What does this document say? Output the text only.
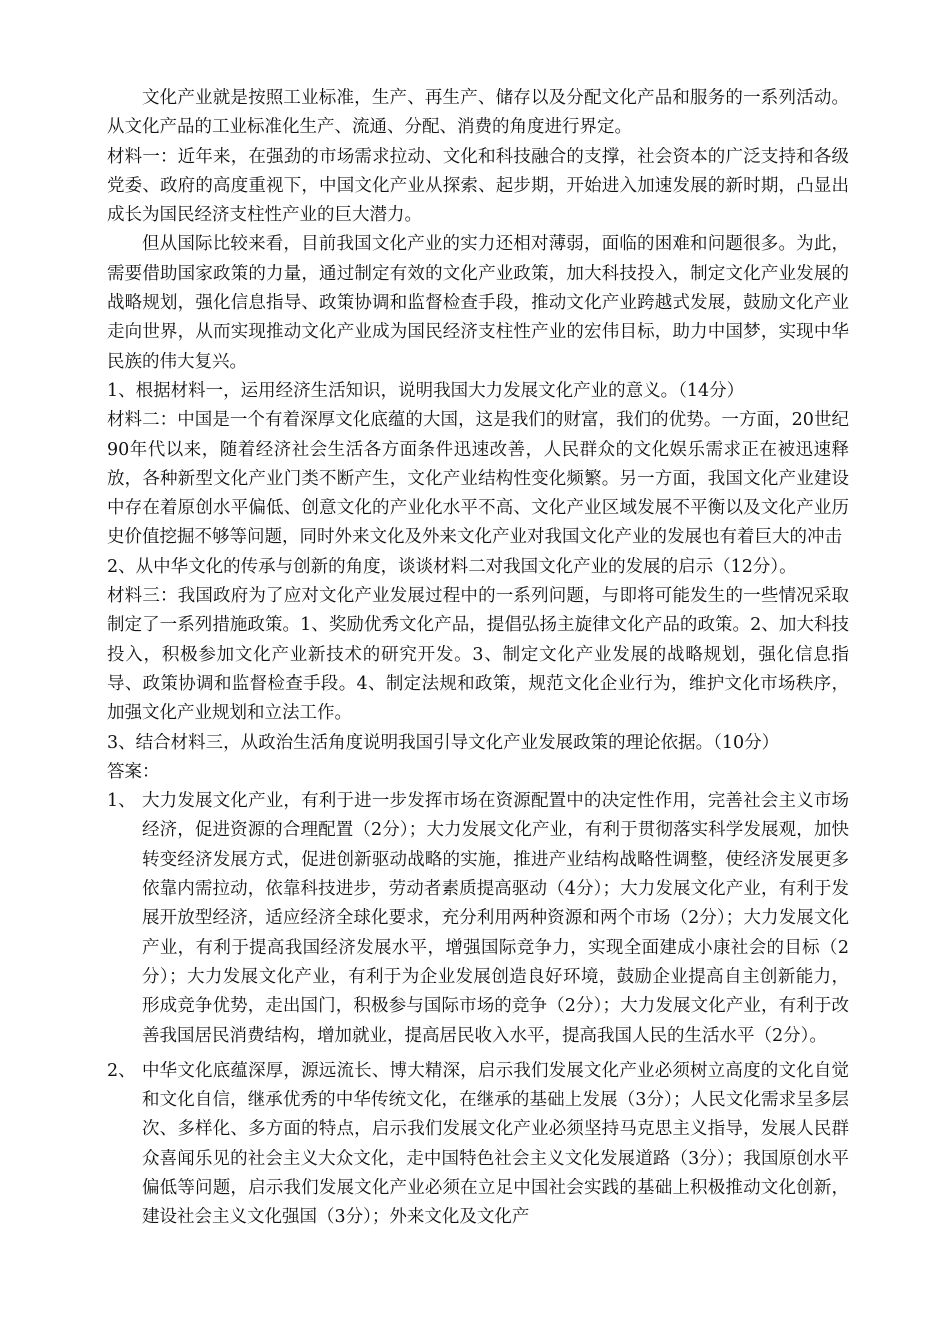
文化产业就是按照工业标准，生产、再生产、储存以及分配文化产品和服务的一系列活动。从文化产品的工业标准化生产、流通、分配、消费的角度进行界定。

材料一：近年来，在强劲的市场需求拉动、文化和科技融合的支撑，社会资本的广泛支持和各级党委、政府的高度重视下，中国文化产业从探索、起步期，开始进入加速发展的新时期，凸显出成长为国民经济支柱性产业的巨大潜力。

但从国际比较来看，目前我国文化产业的实力还相对薄弱，面临的困难和问题很多。为此，需要借助国家政策的力量，通过制定有效的文化产业政策，加大科技投入，制定文化产业发展的战略规划，强化信息指导、政策协调和监督检查手段，推动文化产业跨越式发展，鼓励文化产业走向世界，从而实现推动文化产业成为国民经济支柱性产业的宏伟目标，助力中国梦，实现中华民族的伟大复兴。

1、根据材料一，运用经济生活知识，说明我国大力发展文化产业的意义。（14分）

材料二：中国是一个有着深厚文化底蕴的大国，这是我们的财富，我们的优势。一方面，20世纪90年代以来，随着经济社会生活各方面条件迅速改善，人民群众的文化娱乐需求正在被迅速释放，各种新型文化产业门类不断产生，文化产业结构性变化频繁。另一方面，我国文化产业建设中存在着原创水平偏低、创意文化的产业化水平不高、文化产业区域发展不平衡以及文化产业历史价值挖掘不够等问题，同时外来文化及外来文化产业对我国文化产业的发展也有着巨大的冲击

2、从中华文化的传承与创新的角度，谈谈材料二对我国文化产业的发展的启示（12分）。

材料三：我国政府为了应对文化产业发展过程中的一系列问题，与即将可能发生的一些情况采取制定了一系列措施政策。1、奖励优秀文化产品，提倡弘扬主旋律文化产品的政策。2、加大科技投入，积极参加文化产业新技术的研究开发。3、制定文化产业发展的战略规划，强化信息指导、政策协调和监督检查手段。4、制定法规和政策，规范文化企业行为，维护文化市场秩序，加强文化产业规划和立法工作。

3、结合材料三，从政治生活角度说明我国引导文化产业发展政策的理论依据。（10分）

答案：

1、 大力发展文化产业，有利于进一步发挥市场在资源配置中的决定性作用，完善社会主义市场经济，促进资源的合理配置（2分）；大力发展文化产业，有利于贯彻落实科学发展观，加快转变经济发展方式，促进创新驱动战略的实施，推进产业结构战略性调整，使经济发展更多依靠内需拉动，依靠科技进步，劳动者素质提高驱动（4分）；大力发展文化产业，有利于发展开放型经济，适应经济全球化要求，充分利用两种资源和两个市场（2分）；大力发展文化产业，有利于提高我国经济发展水平，增强国际竞争力，实现全面建成小康社会的目标（2分）；大力发展文化产业，有利于为企业发展创造良好环境，鼓励企业提高自主创新能力，形成竞争优势，走出国门，积极参与国际市场的竞争（2分）；大力发展文化产业，有利于改善我国居民消费结构，增加就业，提高居民收入水平，提高我国人民的生活水平（2分）。
2、 中华文化底蕴深厚，源远流长、博大精深，启示我们发展文化产业必须树立高度的文化自觉和文化自信，继承优秀的中华传统文化，在继承的基础上发展（3分）；人民文化需求呈多层次、多样化、多方面的特点，启示我们发展文化产业必须坚持马克思主义指导，发展人民群众喜闻乐见的社会主义大众文化，走中国特色社会主义文化发展道路（3分）；我国原创水平偏低等问题，启示我们发展文化产业必须在立足中国社会实践的基础上积极推动文化创新，建设社会主义文化强国（3分）；外来文化及文化产
